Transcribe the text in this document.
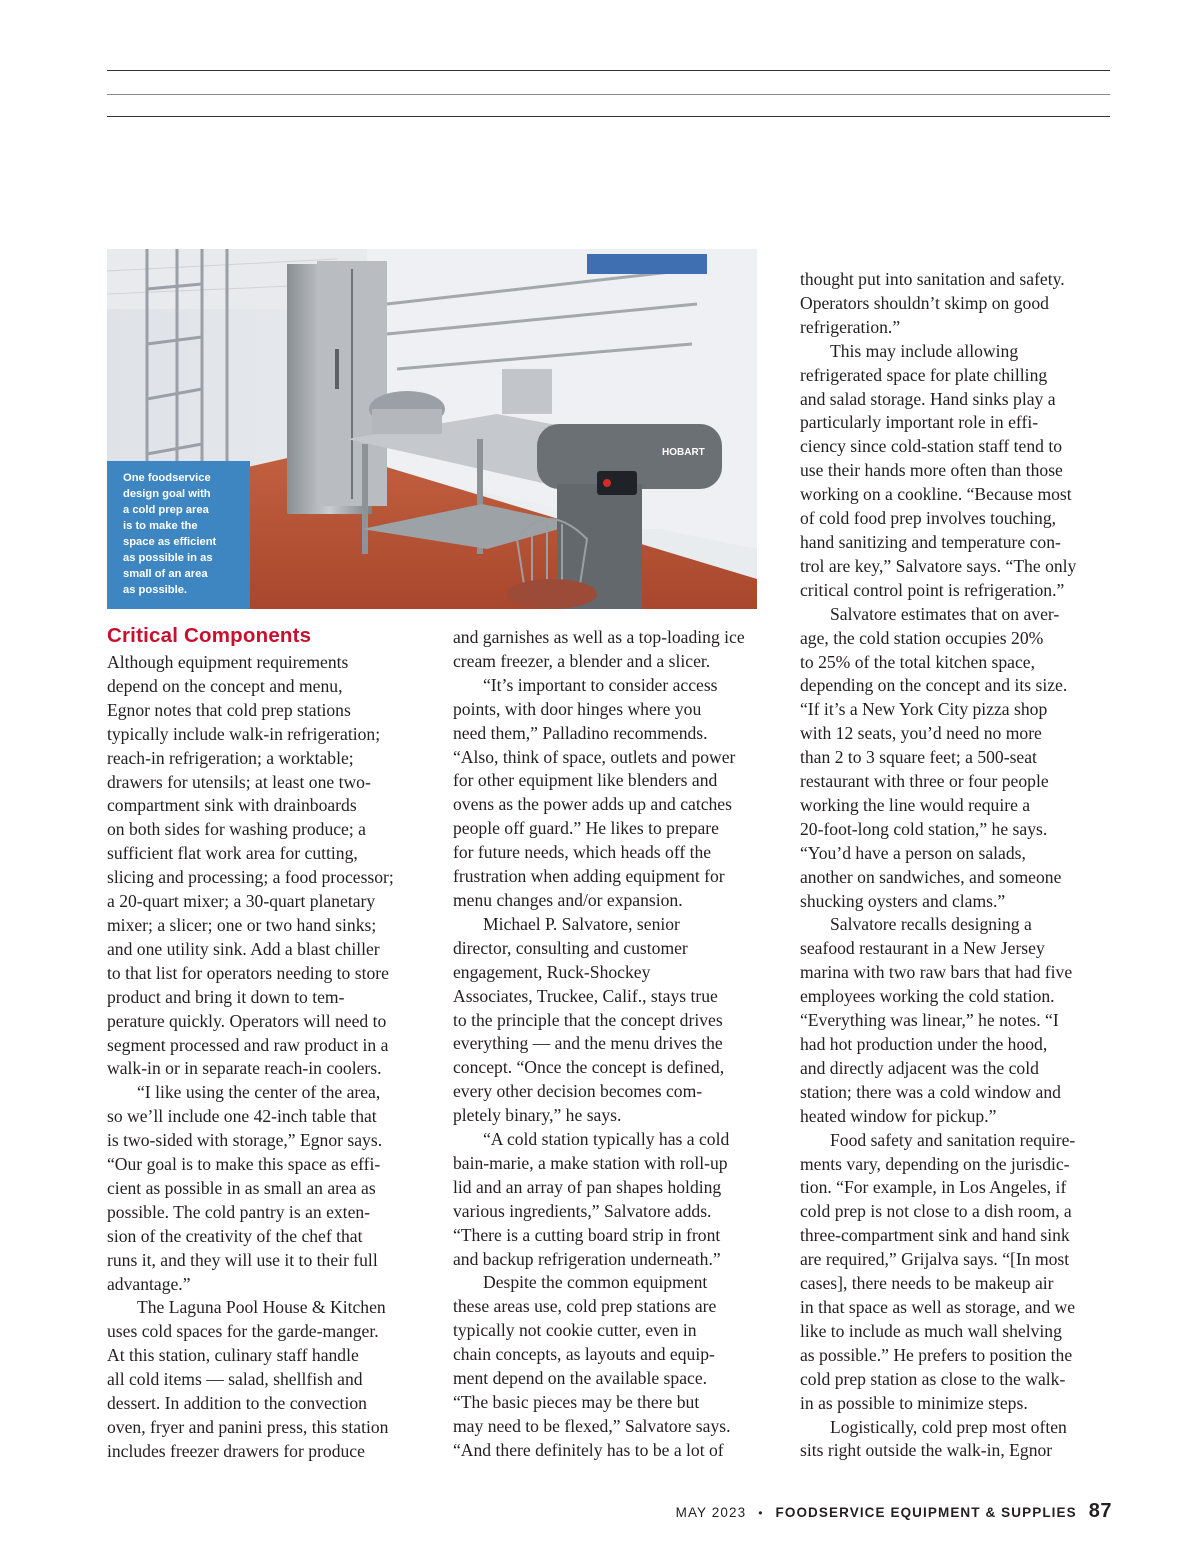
HOBART
One foodservice
design goal with
a cold prep area
is to make the
space as efficient
as possible in as
small of an area
as possible.
Critical Components
Although equipment requirements
depend on the concept and menu,
Egnor notes that cold prep stations
typically include walk-in refrigeration;
reach-in refrigeration; a worktable;
drawers for utensils; at least one two-
compartment sink with drainboards
on both sides for washing produce; a
sufficient flat work area for cutting,
slicing and processing; a food processor;
a 20-quart mixer; a 30-quart planetary
mixer; a slicer; one or two hand sinks;
and one utility sink. Add a blast chiller
to that list for operators needing to store
product and bring it down to tem-
perature quickly. Operators will need to
segment processed and raw product in a
walk-in or in separate reach-in coolers.
“I like using the center of the area,
so we’ll include one 42-inch table that
is two-sided with storage,” Egnor says.
“Our goal is to make this space as effi-
cient as possible in as small an area as
possible. The cold pantry is an exten-
sion of the creativity of the chef that
runs it, and they will use it to their full
advantage.”
The Laguna Pool House & Kitchen
uses cold spaces for the garde-manger.
At this station, culinary staff handle
all cold items — salad, shellfish and
dessert. In addition to the convection
oven, fryer and panini press, this station
includes freezer drawers for produce
and garnishes as well as a top-loading ice
cream freezer, a blender and a slicer.
“It’s important to consider access
points, with door hinges where you
need them,” Palladino recommends.
“Also, think of space, outlets and power
for other equipment like blenders and
ovens as the power adds up and catches
people off guard.” He likes to prepare
for future needs, which heads off the
frustration when adding equipment for
menu changes and/or expansion.
Michael P. Salvatore, senior
director, consulting and customer
engagement, Ruck-Shockey
Associates, Truckee, Calif., stays true
to the principle that the concept drives
everything — and the menu drives the
concept. “Once the concept is defined,
every other decision becomes com-
pletely binary,” he says.
“A cold station typically has a cold
bain-marie, a make station with roll-up
lid and an array of pan shapes holding
various ingredients,” Salvatore adds.
“There is a cutting board strip in front
and backup refrigeration underneath.”
Despite the common equipment
these areas use, cold prep stations are
typically not cookie cutter, even in
chain concepts, as layouts and equip-
ment depend on the available space.
“The basic pieces may be there but
may need to be flexed,” Salvatore says.
“And there definitely has to be a lot of
thought put into sanitation and safety.
Operators shouldn’t skimp on good
refrigeration.”
This may include allowing
refrigerated space for plate chilling
and salad storage. Hand sinks play a
particularly important role in effi-
ciency since cold-station staff tend to
use their hands more often than those
working on a cookline. “Because most
of cold food prep involves touching,
hand sanitizing and temperature con-
trol are key,” Salvatore says. “The only
critical control point is refrigeration.”
Salvatore estimates that on aver-
age, the cold station occupies 20%
to 25% of the total kitchen space,
depending on the concept and its size.
“If it’s a New York City pizza shop
with 12 seats, you’d need no more
than 2 to 3 square feet; a 500-seat
restaurant with three or four people
working the line would require a
20-foot-long cold station,” he says.
“You’d have a person on salads,
another on sandwiches, and someone
shucking oysters and clams.”
Salvatore recalls designing a
seafood restaurant in a New Jersey
marina with two raw bars that had five
employees working the cold station.
“Everything was linear,” he notes. “I
had hot production under the hood,
and directly adjacent was the cold
station; there was a cold window and
heated window for pickup.”
Food safety and sanitation require-
ments vary, depending on the jurisdic-
tion. “For example, in Los Angeles, if
cold prep is not close to a dish room, a
three-compartment sink and hand sink
are required,” Grijalva says. “[In most
cases], there needs to be makeup air
in that space as well as storage, and we
like to include as much wall shelving
as possible.” He prefers to position the
cold prep station as close to the walk-
in as possible to minimize steps.
Logistically, cold prep most often
sits right outside the walk-in, Egnor
MAY 2023 • FOODSERVICE EQUIPMENT & SUPPLIES 87
